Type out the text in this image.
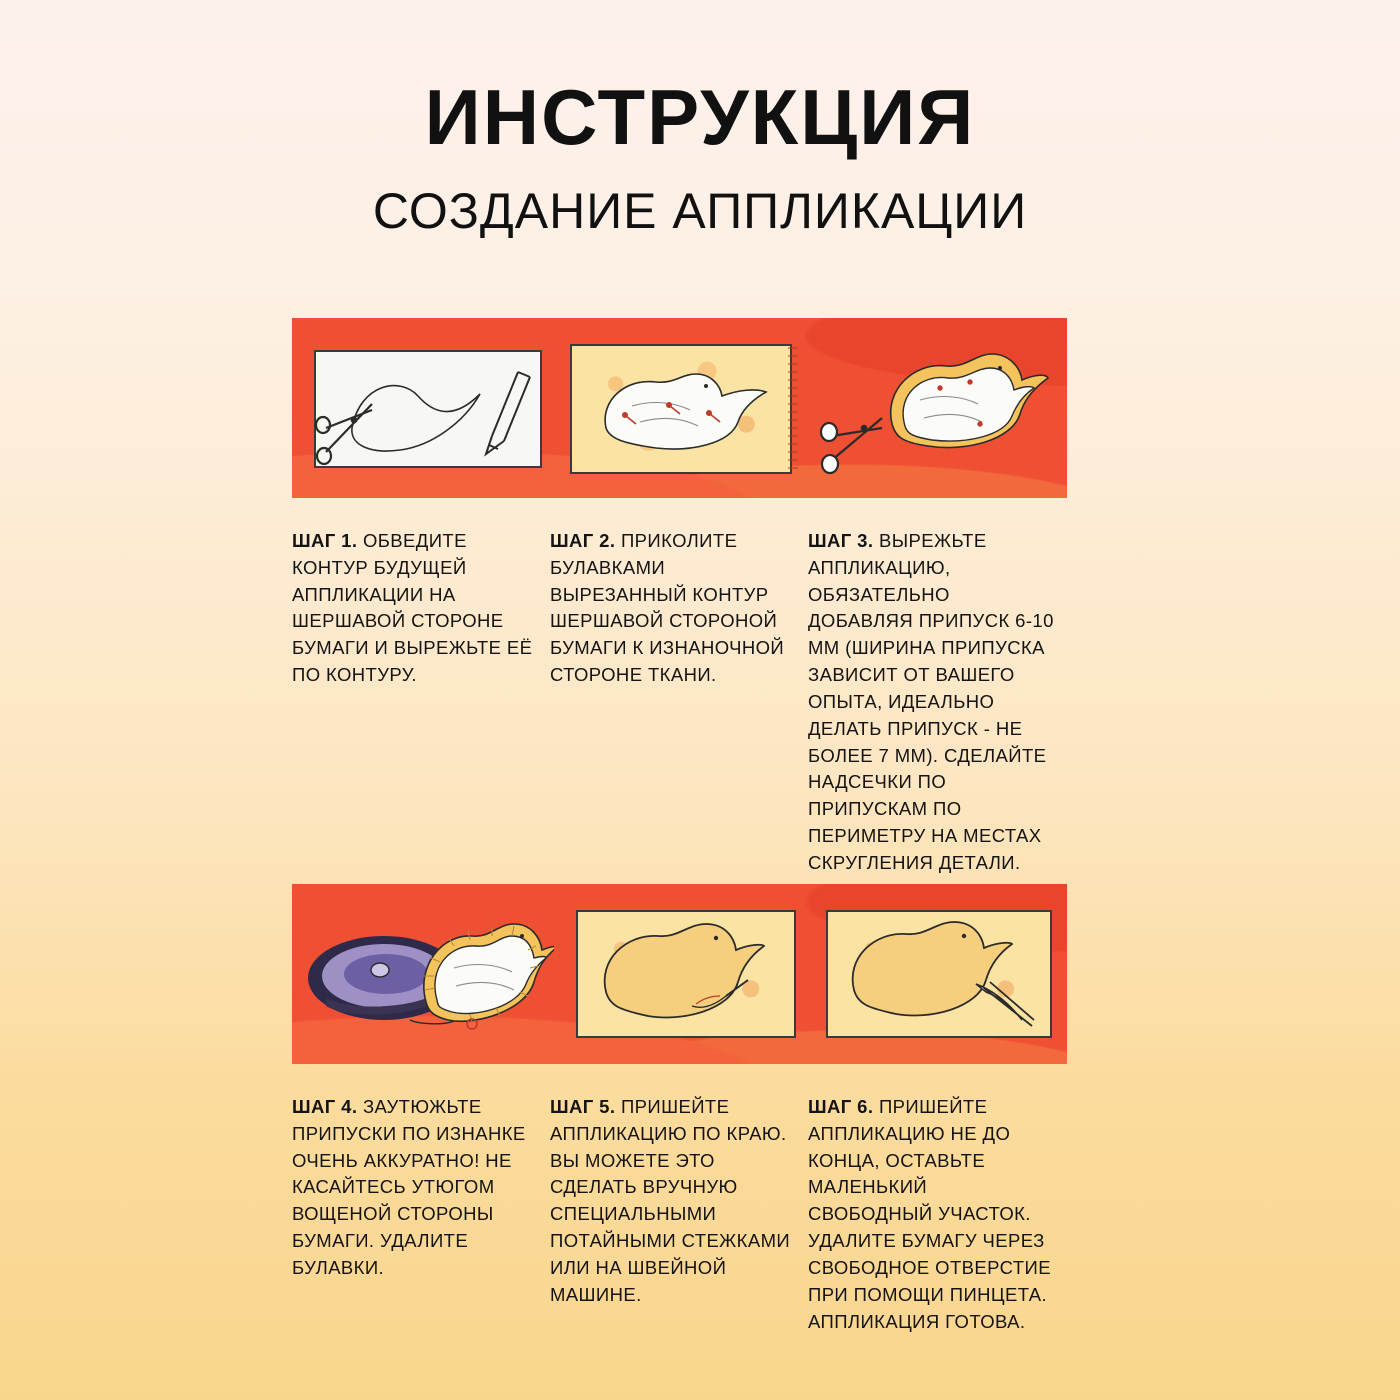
ИНСТРУКЦИЯ
СОЗДАНИЕ АППЛИКАЦИИ
ШАГ 1. ОБВЕДИТЕ КОНТУР БУДУЩЕЙ АППЛИКАЦИИ НА ШЕРШАВОЙ СТОРОНЕ БУМАГИ И ВЫРЕЖЬТЕ ЕЁ ПО КОНТУРУ.
ШАГ 2. ПРИКОЛИТЕ БУЛАВКАМИ ВЫРЕЗАННЫЙ КОНТУР ШЕРШАВОЙ СТОРОНОЙ БУМАГИ К ИЗНАНОЧНОЙ СТОРОНЕ ТКАНИ.
ШАГ 3. ВЫРЕЖЬТЕ АППЛИКАЦИЮ, ОБЯЗАТЕЛЬНО ДОБАВЛЯЯ ПРИПУСК 6-10 ММ (ШИРИНА ПРИПУСКА ЗАВИСИТ ОТ ВАШЕГО ОПЫТА, ИДЕАЛЬНО ДЕЛАТЬ ПРИПУСК - НЕ БОЛЕЕ 7 ММ). СДЕЛАЙТЕ НАДСЕЧКИ ПО ПРИПУСКАМ ПО ПЕРИМЕТРУ НА МЕСТАХ СКРУГЛЕНИЯ ДЕТАЛИ.
ШАГ 4. ЗАУТЮЖЬТЕ ПРИПУСКИ ПО ИЗНАНКЕ ОЧЕНЬ АККУРАТНО! НЕ КАСАЙТЕСЬ УТЮГОМ ВОЩЕНОЙ СТОРОНЫ БУМАГИ. УДАЛИТЕ БУЛАВКИ.
ШАГ 5. ПРИШЕЙТЕ АППЛИКАЦИЮ ПО КРАЮ. ВЫ МОЖЕТЕ ЭТО СДЕЛАТЬ ВРУЧНУЮ СПЕЦИАЛЬНЫМИ ПОТАЙНЫМИ СТЕЖКАМИ ИЛИ НА ШВЕЙНОЙ МАШИНЕ.
ШАГ 6. ПРИШЕЙТЕ АППЛИКАЦИЮ НЕ ДО КОНЦА, ОСТАВЬТЕ МАЛЕНЬКИЙ СВОБОДНЫЙ УЧАСТОК. УДАЛИТЕ БУМАГУ ЧЕРЕЗ СВОБОДНОЕ ОТВЕРСТИЕ ПРИ ПОМОЩИ ПИНЦЕТА. АППЛИКАЦИЯ ГОТОВА.
